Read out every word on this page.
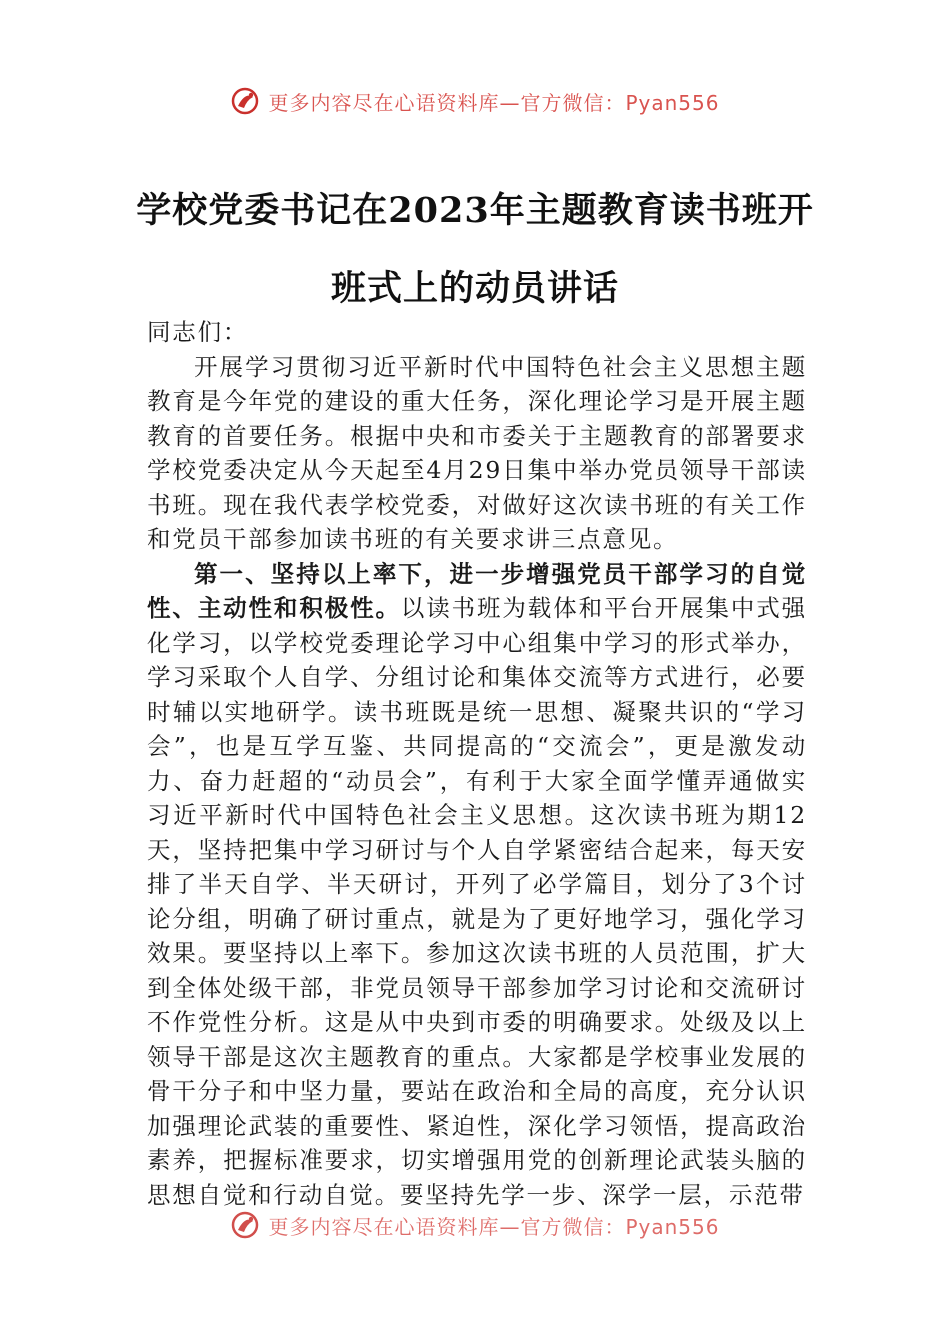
更多内容尽在心语资料库—官方微信：Pyan556
学校党委书记在2023年主题教育读书班开
班式上的动员讲话

同志们：

开展学习贯彻习近平新时代中国特色社会主义思想主题教育是今年党的建设的重大任务，深化理论学习是开展主题教育的首要任务。根据中央和市委关于主题教育的部署要求学校党委决定从今天起至4月29日集中举办党员领导干部读书班。现在我代表学校党委，对做好这次读书班的有关工作和党员干部参加读书班的有关要求讲三点意见。

第一、坚持以上率下，进一步增强党员干部学习的自觉性、主动性和积极性。以读书班为载体和平台开展集中式强化学习，以学校党委理论学习中心组集中学习的形式举办，学习采取个人自学、分组讨论和集体交流等方式进行，必要时辅以实地研学。读书班既是统一思想、凝聚共识的“学习会”，也是互学互鉴、共同提高的“交流会”，更是激发动力、奋力赶超的“动员会”，有利于大家全面学懂弄通做实习近平新时代中国特色社会主义思想。这次读书班为期12天，坚持把集中学习研讨与个人自学紧密结合起来，每天安排了半天自学、半天研讨，开列了必学篇目，划分了3个讨论分组，明确了研讨重点，就是为了更好地学习，强化学习效果。要坚持以上率下。参加这次读书班的人员范围，扩大到全体处级干部，非党员领导干部参加学习讨论和交流研讨不作党性分析。这是从中央到市委的明确要求。处级及以上领导干部是这次主题教育的重点。大家都是学校事业发展的骨干分子和中坚力量，要站在政治和全局的高度，充分认识加强理论武装的重要性、紧迫性，深化学习领悟，提高政治素养，把握标准要求，切实增强用党的创新理论武装头脑的思想自觉和行动自觉。要坚持先学一步、深学一层，示范带

更多内容尽在心语资料库—官方微信：Pyan556
